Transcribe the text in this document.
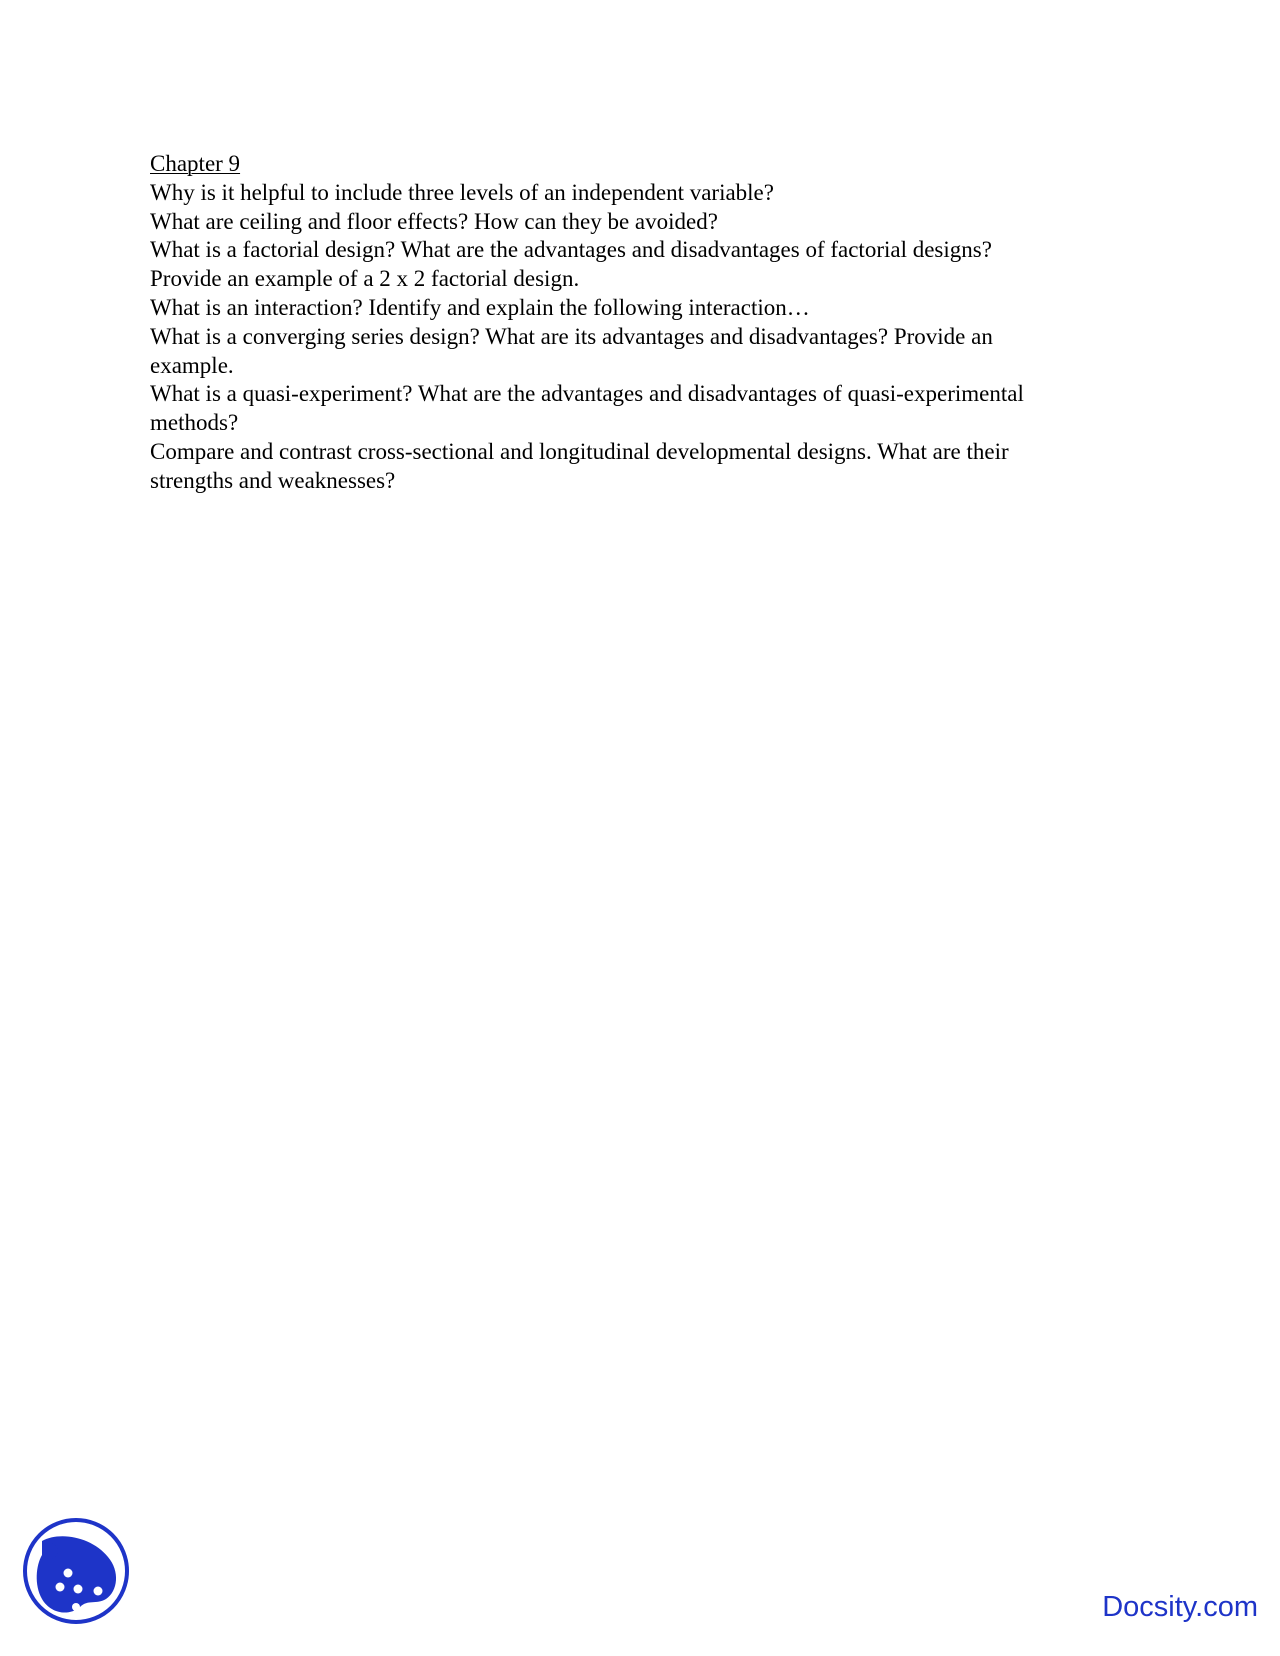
Chapter 9
Why is it helpful to include three levels of an independent variable?
What are ceiling and floor effects? How can they be avoided?
What is a factorial design? What are the advantages and disadvantages of factorial designs?
Provide an example of a 2 x 2 factorial design.
What is an interaction? Identify and explain the following interaction…
What is a converging series design? What are its advantages and disadvantages? Provide an
example.
What is a quasi-experiment? What are the advantages and disadvantages of quasi-experimental
methods?
Compare and contrast cross-sectional and longitudinal developmental designs. What are their
strengths and weaknesses?
Docsity.com
